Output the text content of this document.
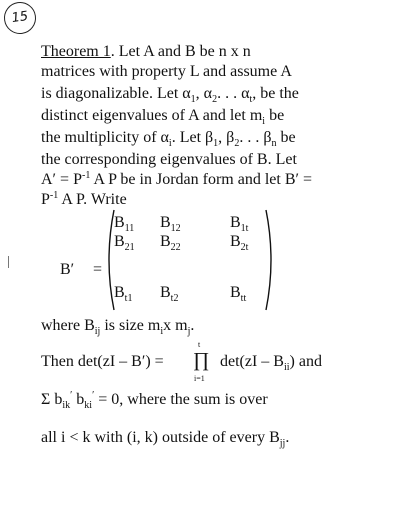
15
Theorem 1. Let A and B be n x n
matrices with property L and assume A
is diagonalizable. Let $\alpha_1$, $\alpha_2$. . . $\alpha_t$, be the
distinct eigenvalues of A and let $m_i$ be
the multiplicity of $\alpha_i$. Let $\beta_1$, $\beta_2$. . . $\beta_n$ be
the corresponding eigenvalues of B. Let
$A' = P^{-1}$ A P be in Jordan form and let B′ =
$P^{-1}$ A P. Write
B′ =
$B_{11}$ $B_{12}$	$B_{1t}$
$B_{21}$ $B_{22}$	$B_{2t}$
$B_{t1}$ $B_{t2}$	$B_{tt}$
where $B_{ij}$ is size $m_ix$ $m_j$.
Then det(zI – B′) =
t
∏
i=1
$\det(zI - B_{ii})$ and
Σ $b_{ik}'$ $b_{ki}' = 0$, where the sum is over
all i < k with (i, k) outside of every $B_{jj}$.
